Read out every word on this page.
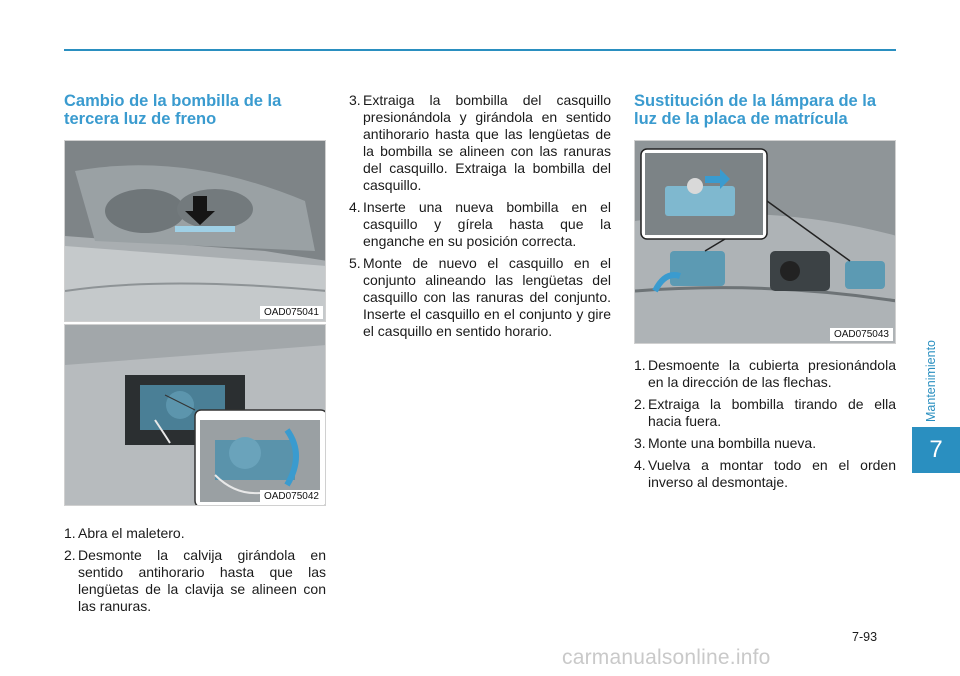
Cambio de la bombilla de la tercera luz de freno
OAD075041
OAD075042
1. Abra el maletero.
2. Desmonte la calvija girándola en sentido antihorario hasta que las lengüetas de la clavija se alineen con las ranuras.
3. Extraiga la bombilla del casquillo presionándola y girándola en sentido antihorario hasta que las lengüetas de la bombilla se alineen con las ranuras del casquillo. Extraiga la bombilla del casquillo.
4. Inserte una nueva bombilla en el casquillo y gírela hasta que la enganche en su posición correcta.
5. Monte de nuevo el casquillo en el conjunto alineando las lengüetas del casquillo con las ranuras del conjunto. Inserte el casquillo en el conjunto y gire el casquillo en sentido horario.
Sustitución de la lámpara de la luz de la placa de matrícula
OAD075043
1. Desmoente la cubierta presionándola en la dirección de las flechas.
2. Extraiga la bombilla tirando de ella hacia fuera.
3. Monte una bombilla nueva.
4. Vuelva a montar todo en el orden inverso al desmontaje.
Mantenimiento
7
7-93
carmanualsonline.info
